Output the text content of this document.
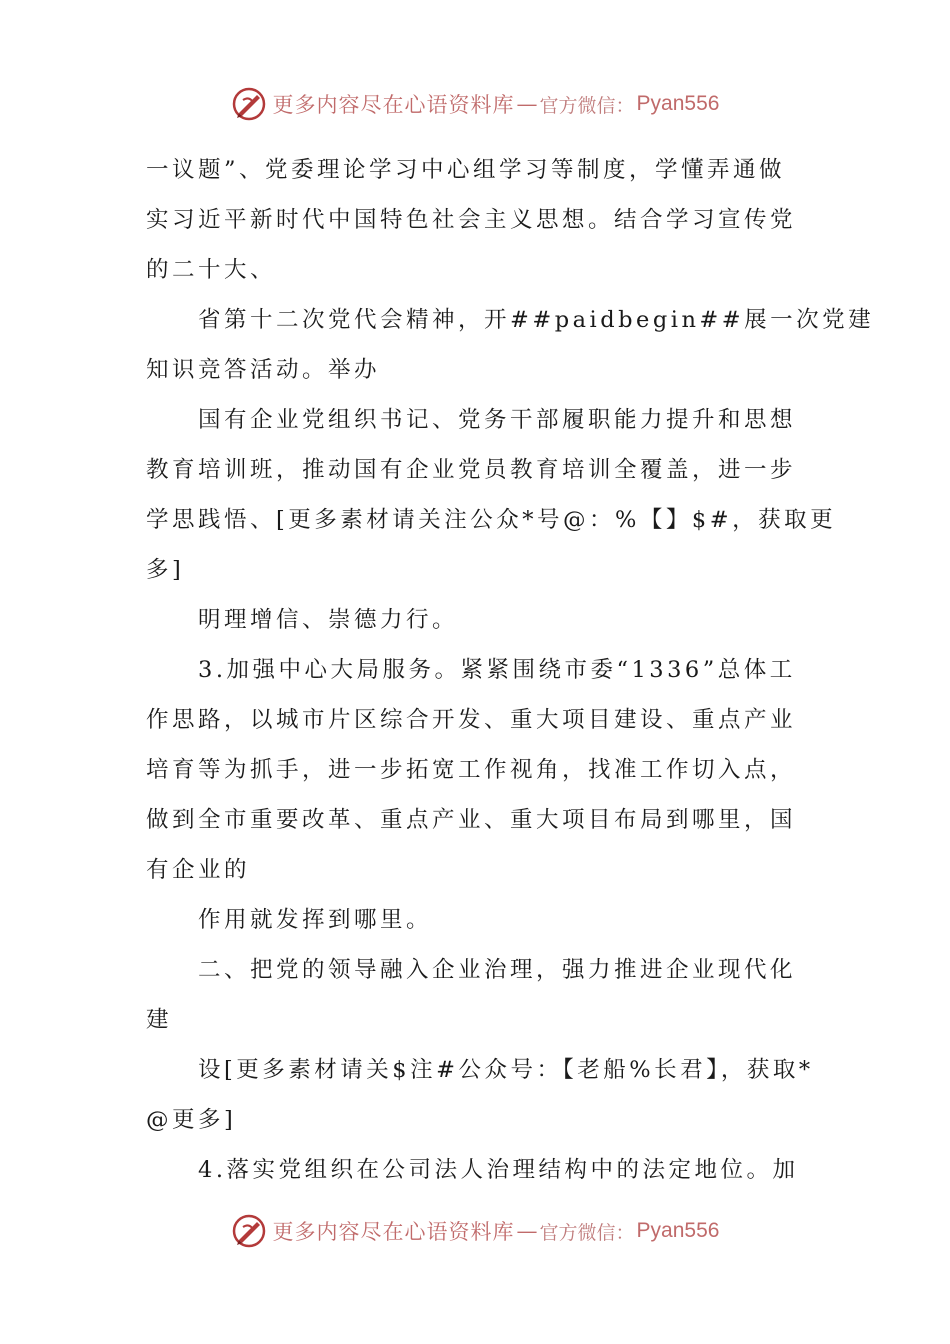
更多内容尽在心语资料库 — 官方微信： Pyan556
一议题”、党委理论学习中心组学习等制度，学懂弄通做
实习近平新时代中国特色社会主义思想。结合学习宣传党
的二十大、
省第十二次党代会精神，开##paidbegin##展一次党建
知识竞答活动。举办
国有企业党组织书记、党务干部履职能力提升和思想
教育培训班，推动国有企业党员教育培训全覆盖，进一步
学思践悟、[更多素材请关注公众*号@：%【】$#，获取更
多]
明理增信、崇德力行。
3.加强中心大局服务。紧紧围绕市委“1336”总体工
作思路，以城市片区综合开发、重大项目建设、重点产业
培育等为抓手，进一步拓宽工作视角，找准工作切入点，
做到全市重要改革、重点产业、重大项目布局到哪里，国
有企业的
作用就发挥到哪里。
二、把党的领导融入企业治理，强力推进企业现代化
建
设[更多素材请关$注#公众号：【老船%长君】，获取*
@更多]
4.落实党组织在公司法人治理结构中的法定地位。加
更多内容尽在心语资料库 — 官方微信： Pyan556
